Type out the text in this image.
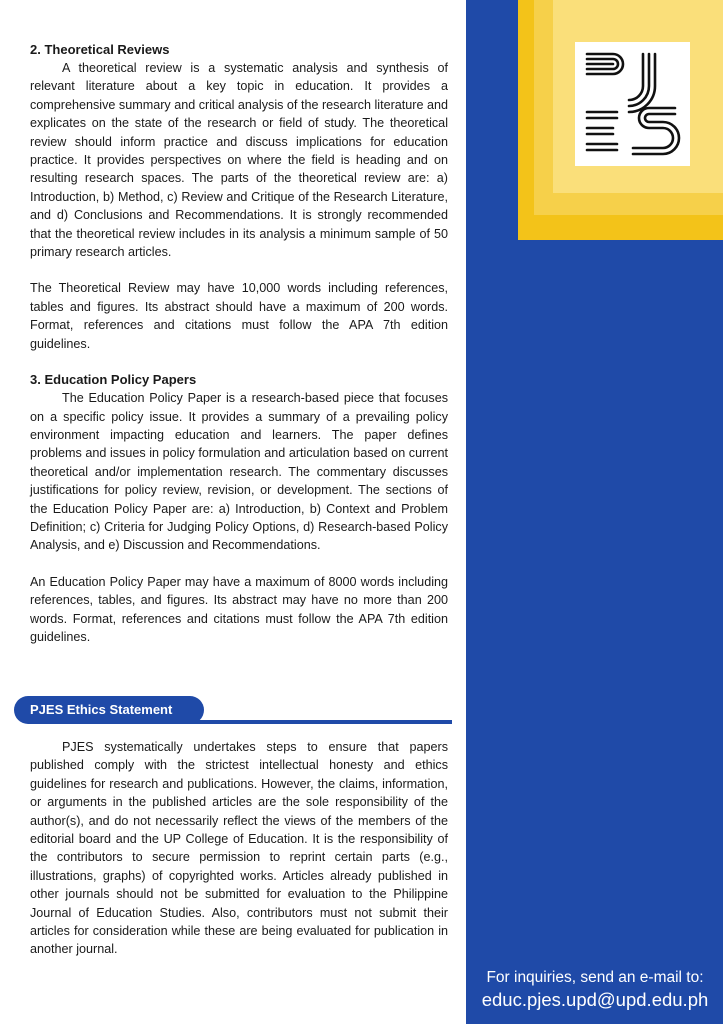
For inquiries, send an e-mail to:
educ.pjes.upd@upd.edu.ph
2. Theoretical Reviews

A theoretical review is a systematic analysis and synthesis of relevant literature about a key topic in education. It provides a comprehensive summary and critical analysis of the research literature and explicates on the state of the research or field of study. The theoretical review should inform practice and discuss implications for education practice. It provides perspectives on where the field is heading and on resulting research spaces. The parts of the theoretical review are: a) Introduction, b) Method, c) Review and Critique of the Research Literature, and d) Conclusions and Recommendations. It is strongly recommended that the theoretical review includes in its analysis a minimum sample of 50 primary research articles.

The Theoretical Review may have 10,000 words including references, tables and figures. Its abstract should have a maximum of 200 words. Format, references and citations must follow the APA 7th edition guidelines.

3. Education Policy Papers

The Education Policy Paper is a research-based piece that focuses on a specific policy issue. It provides a summary of a prevailing policy environment impacting education and learners. The paper defines problems and issues in policy formulation and articulation based on current theoretical and/or implementation research. The commentary discusses justifications for policy review, revision, or development. The sections of the Education Policy Paper are: a) Introduction, b) Context and Problem Definition; c) Criteria for Judging Policy Options, d) Research-based Policy Analysis, and e) Discussion and Recommendations.

An Education Policy Paper may have a maximum of 8000 words including references, tables, and figures. Its abstract may have no more than 200 words. Format, references and citations must follow the APA 7th edition guidelines.

PJES Ethics Statement

PJES systematically undertakes steps to ensure that papers published comply with the strictest intellectual honesty and ethics guidelines for research and publications. However, the claims, information, or arguments in the published articles are the sole responsibility of the author(s), and do not necessarily reflect the views of the members of the editorial board and the UP College of Education. It is the responsibility of the contributors to secure permission to reprint certain parts (e.g., illustrations, graphs) of copyrighted works. Articles already published in other journals should not be submitted for evaluation to the Philippine Journal of Education Studies. Also, contributors must not submit their articles for consideration while these are being evaluated for publication in another journal.
